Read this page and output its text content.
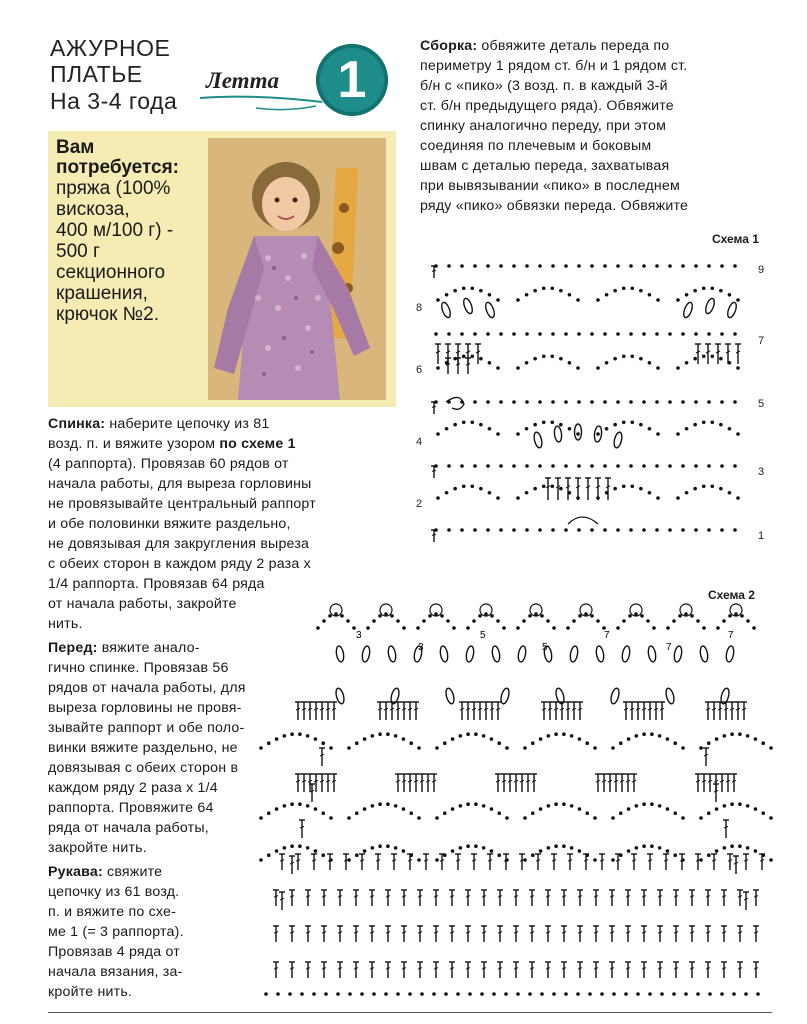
АЖУРНОЕ
ПЛАТЬЕ
На 3-4 года
Летта 1
Вам
потребуется:
пряжа (100%
вискоза,
400 м/100 г) -
500 г
секционного
крашения,
крючок №2.
Спинка: наберите цепочку из 81
возд. п. и вяжите узором по схеме 1
(4 раппорта). Провязав 60 рядов от
начала работы, для выреза горловины
не провязывайте центральный раппорт
и обе половинки вяжите раздельно,
не довязывая для закругления выреза
с обеих сторон в каждом ряду 2 раза х
1/4 раппорта. Провязав 64 ряда
от начала работы, закройте
нить.
Перед: вяжите анало-
гично спинке. Провязав 56
рядов от начала работы, для
выреза горловины не провя-
зывайте раппорт и обе поло-
винки вяжите раздельно, не
довязывая с обеих сторон в
каждом ряду 2 раза х 1/4
раппорта. Провяжите 64
ряда от начала работы,
закройте нить.
Рукава: свяжите
цепочку из 61 возд.
п. и вяжите по схе-
ме 1 (= 3 раппорта).
Провязав 4 ряда от
начала вязания, за-
кройте нить.
Сборка: обвяжите деталь переда по
периметру 1 рядом ст. б/н и 1 рядом ст.
б/н с «пико» (3 возд. п. в каждый 3-й
ст. б/н предыдущего ряда). Обвяжите
спинку аналогично переду, при этом
соединяя по плечевым и боковым
швам с деталью переда, захватывая
при вывязывании «пико» в последнем
ряду «пико» обвязки переда. Обвяжите
Схема 1
9
7
5
3
1
8
6
4
2
Схема 2
3
3
5
5
7
7
7
